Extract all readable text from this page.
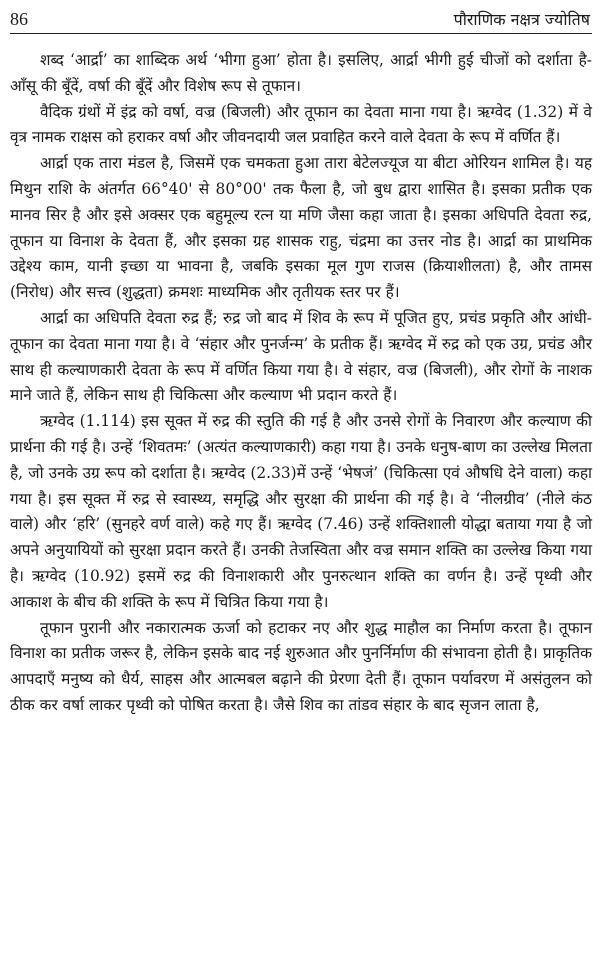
86	पौराणिक नक्षत्र ज्योतिष

शब्द ‘आर्द्रा’ का शाब्दिक अर्थ ‘भीगा हुआ’ होता है। इसलिए, आर्द्रा भीगी हुई चीजों को दर्शाता है- आँसू की बूँदें, वर्षा की बूँदें और विशेष रूप से तूफान।

वैदिक ग्रंथों में इंद्र को वर्षा, वज्र (बिजली) और तूफान का देवता माना गया है। ऋग्वेद (1.32) में वे वृत्र नामक राक्षस को हराकर वर्षा और जीवनदायी जल प्रवाहित करने वाले देवता के रूप में वर्णित हैं।

आर्द्रा एक तारा मंडल है, जिसमें एक चमकता हुआ तारा बेटेलज्यूज या बीटा ओरियन शामिल है। यह मिथुन राशि के अंतर्गत 66°40' से 80°00' तक फैला है, जो बुध द्वारा शासित है। इसका प्रतीक एक मानव सिर है और इसे अक्सर एक बहुमूल्य रत्न या मणि जैसा कहा जाता है। इसका अधिपति देवता रुद्र, तूफान या विनाश के देवता हैं, और इसका ग्रह शासक राहु, चंद्रमा का उत्तर नोड है। आर्द्रा का प्राथमिक उद्देश्य काम, यानी इच्छा या भावना है, जबकि इसका मूल गुण राजस (क्रियाशीलता) है, और तामस (निरोध) और सत्त्व (शुद्धता) क्रमशः माध्यमिक और तृतीयक स्तर पर हैं।

आर्द्रा का अधिपति देवता रुद्र हैं; रुद्र जो बाद में शिव के रूप में पूजित हुए, प्रचंड प्रकृति और आंधी-तूफान का देवता माना गया है। वे ‘संहार और पुनर्जन्म’ के प्रतीक हैं। ऋग्वेद में रुद्र को एक उग्र, प्रचंड और साथ ही कल्याणकारी देवता के रूप में वर्णित किया गया है। वे संहार, वज्र (बिजली), और रोगों के नाशक माने जाते हैं, लेकिन साथ ही चिकित्सा और कल्याण भी प्रदान करते हैं।

ऋग्वेद (1.114) इस सूक्त में रुद्र की स्तुति की गई है और उनसे रोगों के निवारण और कल्याण की प्रार्थना की गई है। उन्हें ‘शिवतमः’ (अत्यंत कल्याणकारी) कहा गया है। उनके धनुष-बाण का उल्लेख मिलता है, जो उनके उग्र रूप को दर्शाता है। ऋग्वेद (2.33)में उन्हें ‘भेषजं’ (चिकित्सा एवं औषधि देने वाला) कहा गया है। इस सूक्त में रुद्र से स्वास्थ्य, समृद्धि और सुरक्षा की प्रार्थना की गई है। वे ‘नीलग्रीव’ (नीले कंठ वाले) और ‘हरि’ (सुनहरे वर्ण वाले) कहे गए हैं। ऋग्वेद (7.46) उन्हें शक्तिशाली योद्धा बताया गया है जो अपने अनुयायियों को सुरक्षा प्रदान करते हैं। उनकी तेजस्विता और वज्र समान शक्ति का उल्लेख किया गया है। ऋग्वेद (10.92) इसमें रुद्र की विनाशकारी और पुनरुत्थान शक्ति का वर्णन है। उन्हें पृथ्वी और आकाश के बीच की शक्ति के रूप में चित्रित किया गया है।

तूफान पुरानी और नकारात्मक ऊर्जा को हटाकर नए और शुद्ध माहौल का निर्माण करता है। तूफान विनाश का प्रतीक जरूर है, लेकिन इसके बाद नई शुरुआत और पुनर्निर्माण की संभावना होती है। प्राकृतिक आपदाएँ मनुष्य को धैर्य, साहस और आत्मबल बढ़ाने की प्रेरणा देती हैं। तूफान पर्यावरण में असंतुलन को ठीक कर वर्षा लाकर पृथ्वी को पोषित करता है। जैसे शिव का तांडव संहार के बाद सृजन लाता है,
